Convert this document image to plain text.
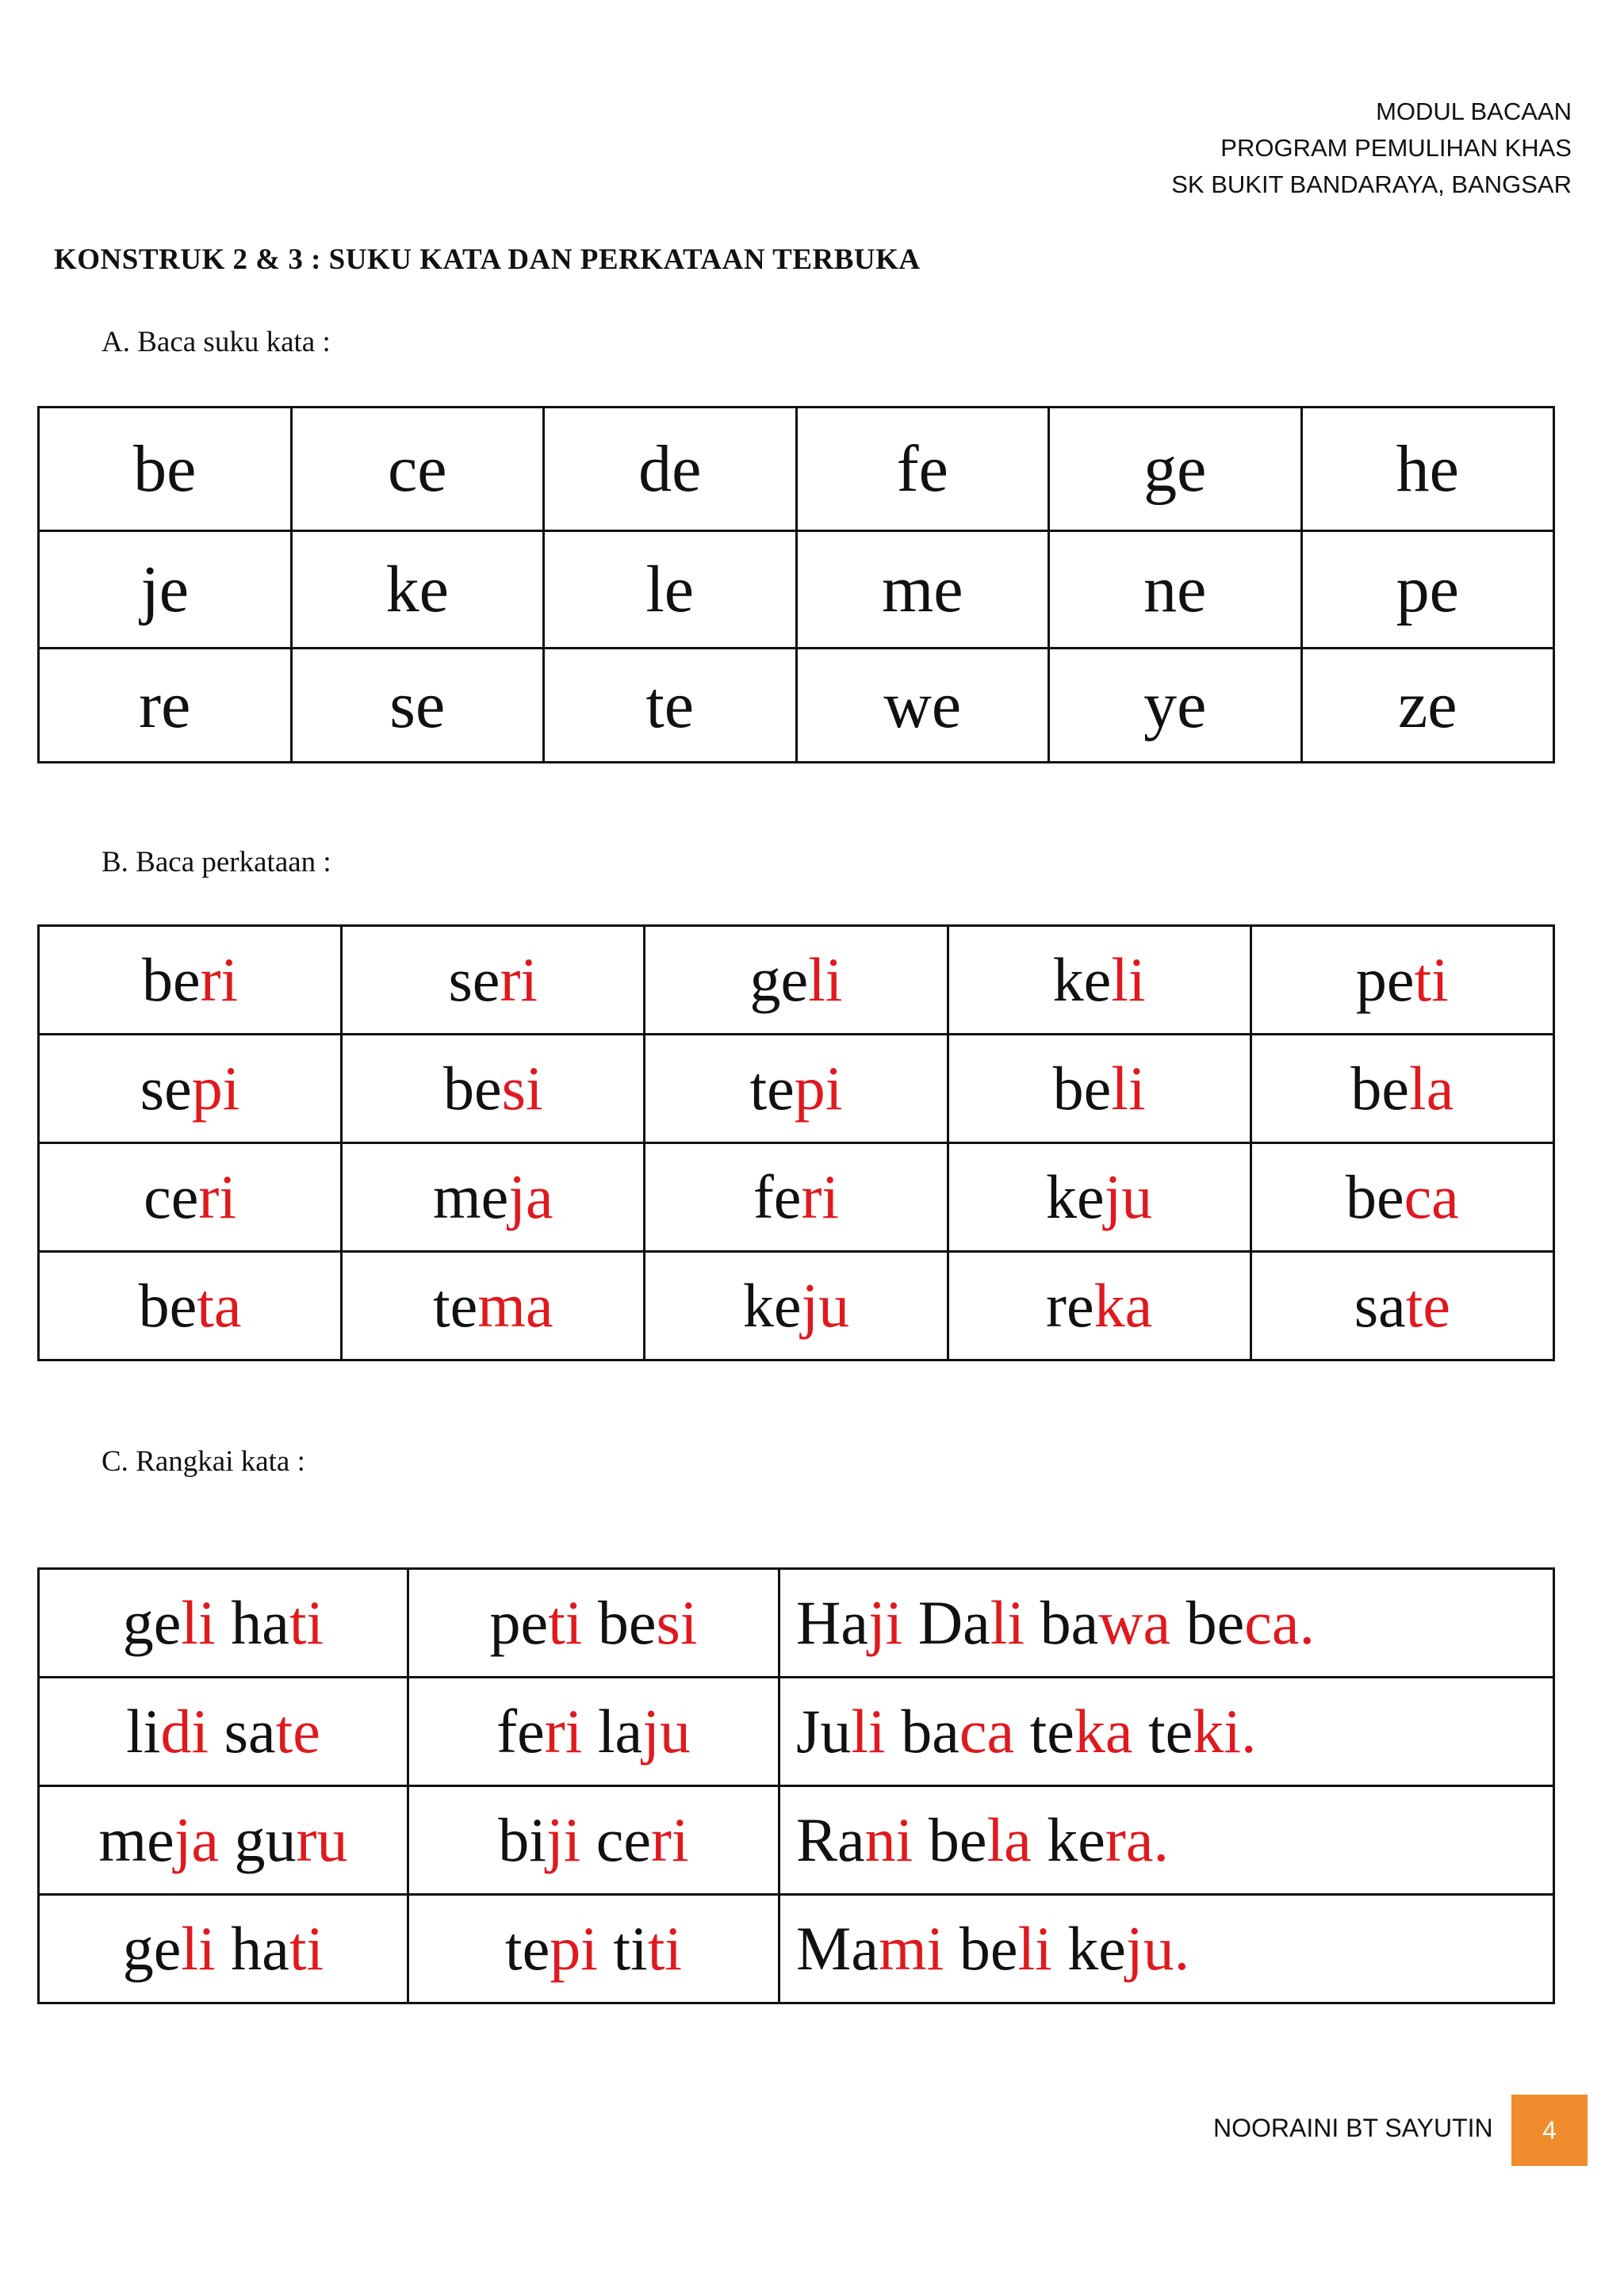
MODUL BACAAN
PROGRAM PEMULIHAN KHAS
SK BUKIT BANDARAYA, BANGSAR
KONSTRUK 2 & 3 : SUKU KATA DAN PERKATAAN TERBUKA
A. Baca suku kata :
be	ce	de	fe	ge	he
je	ke	le	me	ne	pe
re	se	te	we	ye	ze
B. Baca perkataan :
beri	seri	geli	keli	peti
sepi	besi	tepi	beli	bela
ceri	meja	feri	keju	beca
beta	tema	keju	reka	sate
C. Rangkai kata :
geli hati	peti besi	Haji Dali bawa beca.
lidi sate	feri laju	Juli baca teka teki.
meja guru	biji ceri	Rani bela kera.
geli hati	tepi titi	Mami beli keju.
NOORAINI BT SAYUTIN	4
